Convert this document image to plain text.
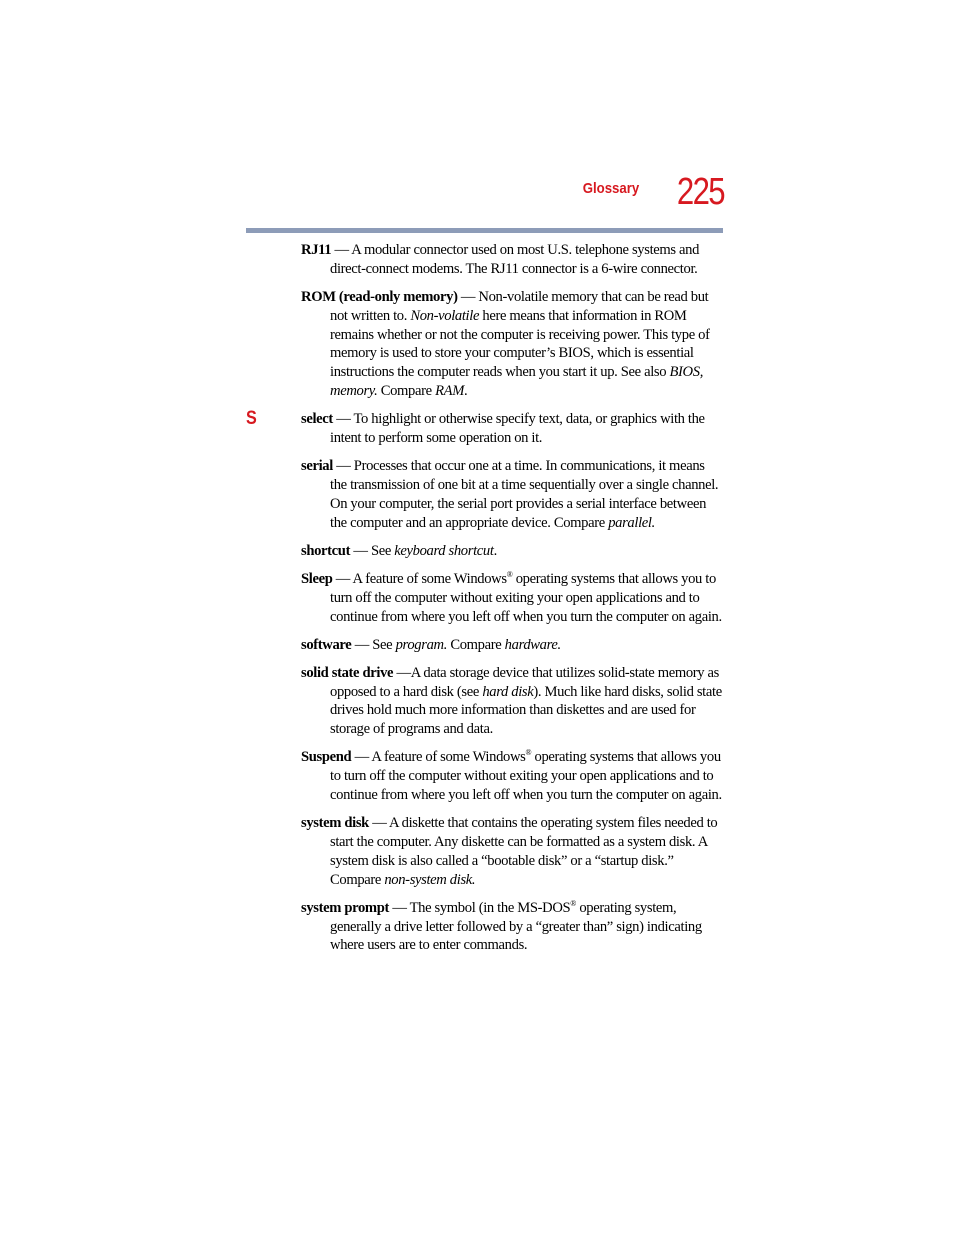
Glossary 225
S

RJ11 — A modular connector used on most U.S. telephone systems and direct-connect modems. The RJ11 connector is a 6-wire connector.

ROM (read-only memory) — Non-volatile memory that can be read but not written to. Non-volatile here means that information in ROM remains whether or not the computer is receiving power. This type of memory is used to store your computer’s BIOS, which is essential instructions the computer reads when you start it up. See also BIOS, memory. Compare RAM.

select — To highlight or otherwise specify text, data, or graphics with the intent to perform some operation on it.

serial — Processes that occur one at a time. In communications, it means the transmission of one bit at a time sequentially over a single channel. On your computer, the serial port provides a serial interface between the computer and an appropriate device. Compare parallel.

shortcut — See keyboard shortcut.

Sleep — A feature of some Windows® operating systems that allows you to turn off the computer without exiting your open applications and to continue from where you left off when you turn the computer on again.

software — See program. Compare hardware.

solid state drive —A data storage device that utilizes solid-state memory as opposed to a hard disk (see hard disk). Much like hard disks, solid state drives hold much more information than diskettes and are used for storage of programs and data.

Suspend — A feature of some Windows® operating systems that allows you to turn off the computer without exiting your open applications and to continue from where you left off when you turn the computer on again.

system disk — A diskette that contains the operating system files needed to start the computer. Any diskette can be formatted as a system disk. A system disk is also called a “bootable disk” or a “startup disk.” Compare non-system disk.

system prompt — The symbol (in the MS-DOS® operating system, generally a drive letter followed by a “greater than” sign) indicating where users are to enter commands.
